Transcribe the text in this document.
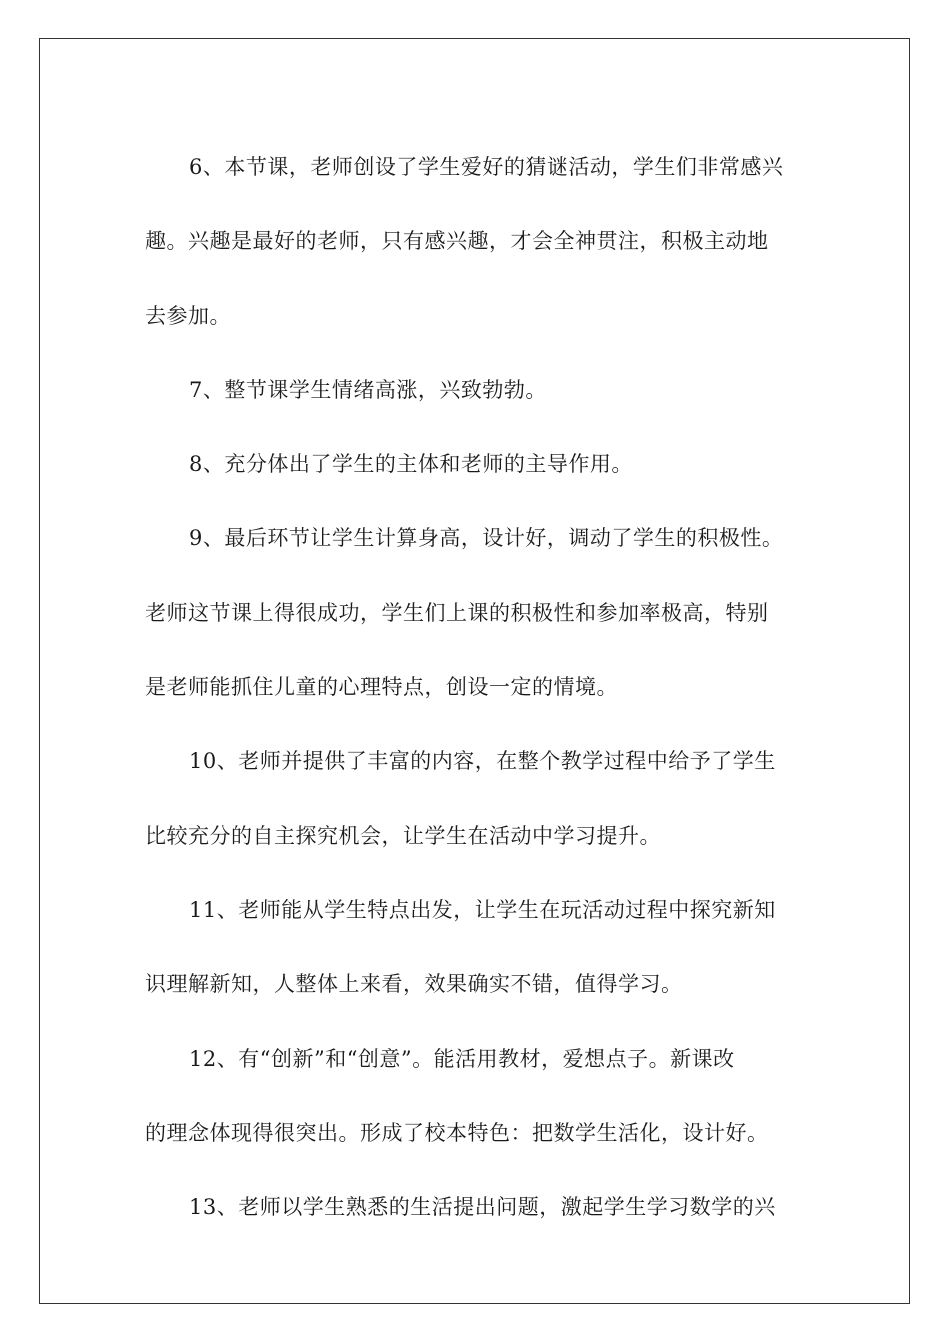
6、本节课，老师创设了学生爱好的猜谜活动，学生们非常感兴
趣。兴趣是最好的老师，只有感兴趣，才会全神贯注，积极主动地
去参加。
7、整节课学生情绪高涨，兴致勃勃。
8、充分体出了学生的主体和老师的主导作用。
9、最后环节让学生计算身高，设计好，调动了学生的积极性。
老师这节课上得很成功，学生们上课的积极性和参加率极高，特别
是老师能抓住儿童的心理特点，创设一定的情境。
10、老师并提供了丰富的内容，在整个教学过程中给予了学生
比较充分的自主探究机会，让学生在活动中学习提升。
11、老师能从学生特点出发，让学生在玩活动过程中探究新知
识理解新知，人整体上来看，效果确实不错，值得学习。
12、有“创新”和“创意”。能活用教材，爱想点子。新课改
的理念体现得很突出。形成了校本特色：把数学生活化，设计好。
13、老师以学生熟悉的生活提出问题，激起学生学习数学的兴
